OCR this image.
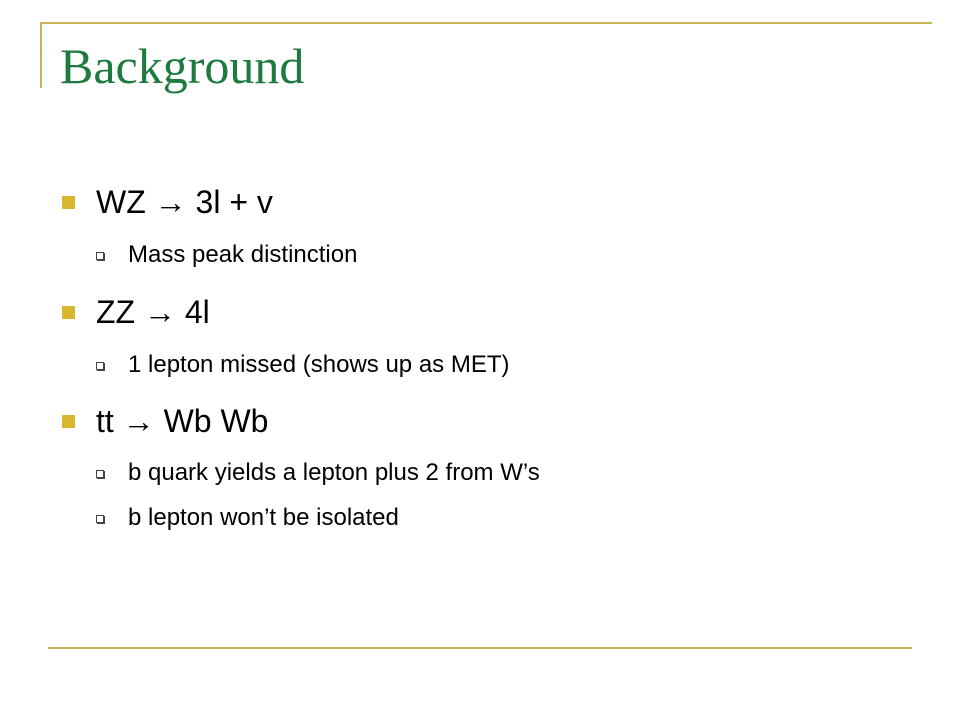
Background
WZ → 3l + v
Mass peak distinction
ZZ → 4l
1 lepton missed (shows up as MET)
tt → Wb Wb
b quark yields a lepton plus 2 from W’s
b lepton won’t be isolated
